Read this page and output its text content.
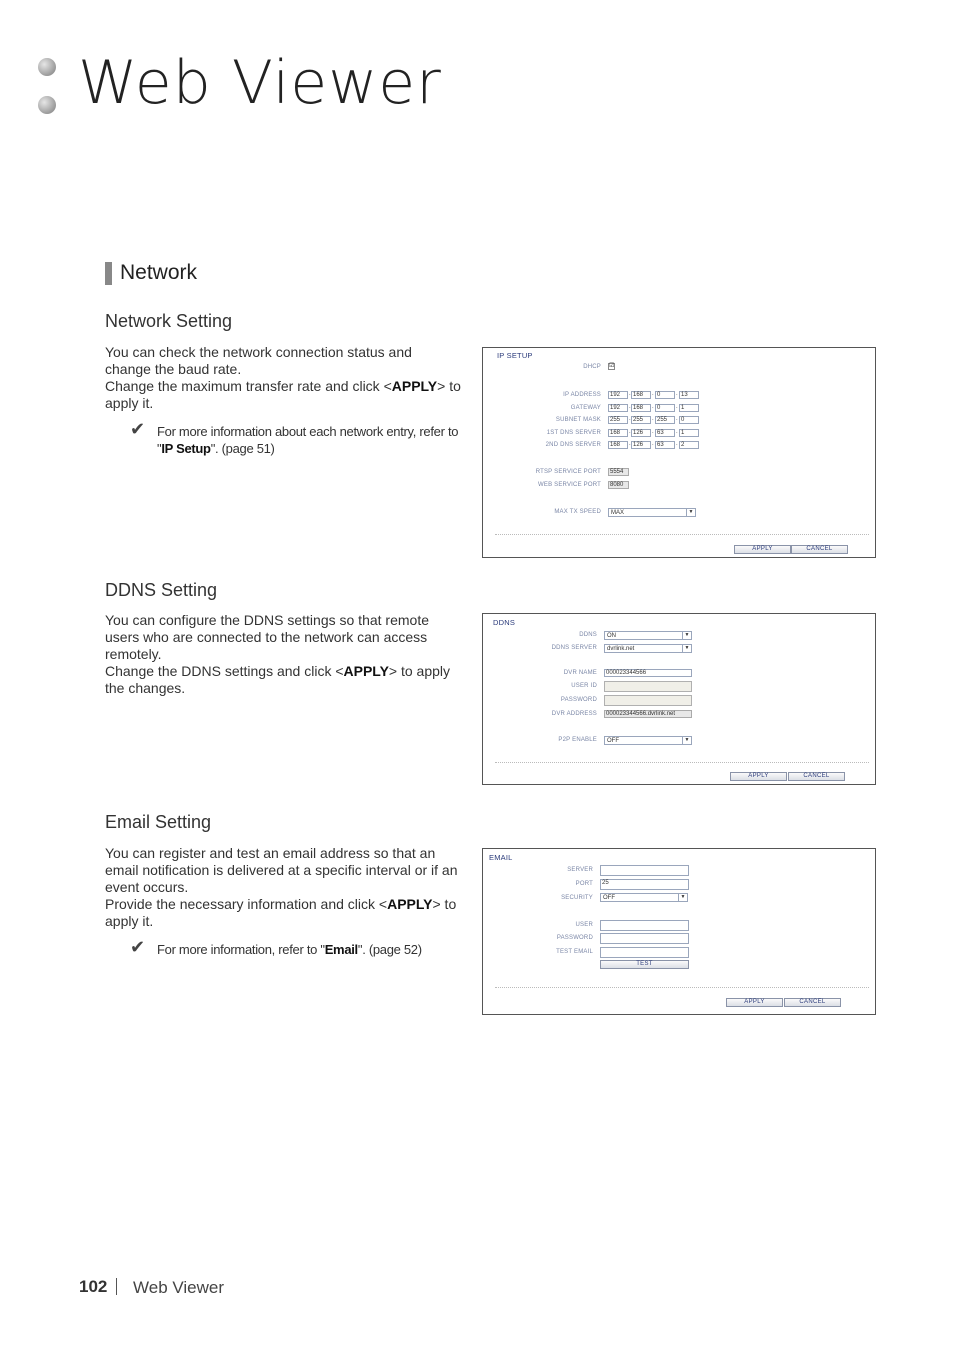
Web Viewer
Network
Network Setting
You can check the network connection status and
change the baud rate.
Change the maximum transfer rate and click <APPLY> to
apply it.
✔ For more information about each network entry, refer to
"IP Setup". (page 51)
IP SETUP
DHCP ☑
IP ADDRESS	192	. 168	. 0	. 13
GATEWAY	192	. 168	. 0	. 1
SUBNET MASK	255	. 255	. 255	. 0
1ST DNS SERVER	168	. 126	. 63	. 1
2ND DNS SERVER	168	. 126	. 63	. 2
RTSP SERVICE PORT	5554
WEB SERVICE PORT	8080
MAX TX SPEED	MAX	▼
APPLY	CANCEL
DDNS Setting
You can configure the DDNS settings so that remote
users who are connected to the network can access
remotely.
Change the DDNS settings and click <APPLY> to apply
the changes.
DDNS
DDNS	ON	▼
DDNS SERVER	dvrlink.net	▼
DVR NAME	000023344566
USER ID
PASSWORD
DVR ADDRESS	000023344566.dvrlink.net
P2P ENABLE	OFF	▼
APPLY	CANCEL
Email Setting
You can register and test an email address so that an
email notification is delivered at a specific interval or if an
event occurs.
Provide the necessary information and click <APPLY> to
apply it.
✔ For more information, refer to "Email". (page 52)
EMAIL
SERVER
PORT	25
SECURITY	OFF	▼
USER
PASSWORD
TEST EMAIL
TEST
APPLY	CANCEL
102 Web Viewer
